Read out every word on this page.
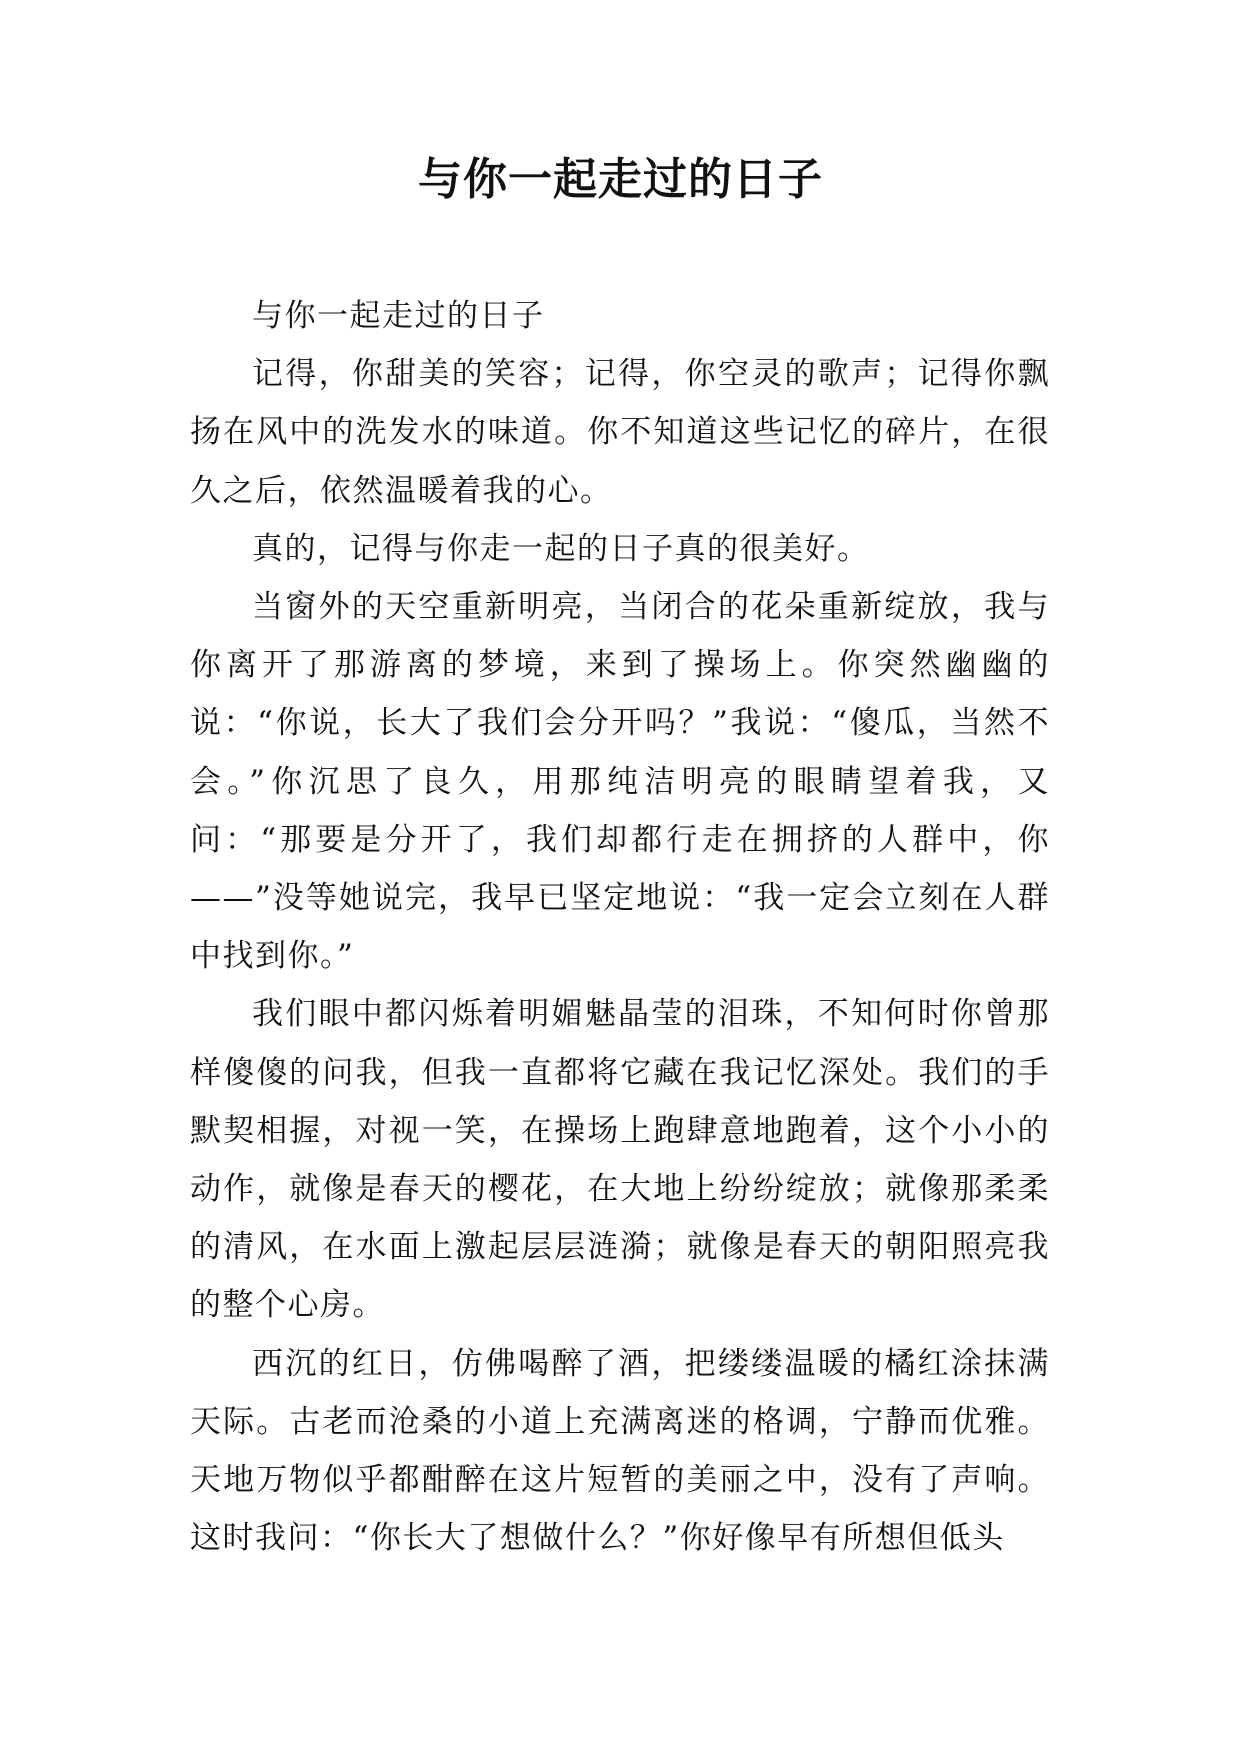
与你一起走过的日子

与你一起走过的日子

记得，你甜美的笑容；记得，你空灵的歌声；记得你飘扬在风中的洗发水的味道。你不知道这些记忆的碎片，在很久之后，依然温暖着我的心。

真的，记得与你走一起的日子真的很美好。

当窗外的天空重新明亮，当闭合的花朵重新绽放，我与你离开了那游离的梦境，来到了操场上。你突然幽幽的说：“你说，长大了我们会分开吗？”我说：“傻瓜，当然不会。”你沉思了良久，用那纯洁明亮的眼睛望着我，又问：“那要是分开了，我们却都行走在拥挤的人群中，你——”没等她说完，我早已坚定地说：“我一定会立刻在人群中找到你。”

我们眼中都闪烁着明媚魅晶莹的泪珠，不知何时你曾那样傻傻的问我，但我一直都将它藏在我记忆深处。我们的手默契相握，对视一笑，在操场上跑肆意地跑着，这个小小的动作，就像是春天的樱花，在大地上纷纷绽放；就像那柔柔的清风，在水面上激起层层涟漪；就像是春天的朝阳照亮我的整个心房。

西沉的红日，仿佛喝醉了酒，把缕缕温暖的橘红涂抹满天际。古老而沧桑的小道上充满离迷的格调，宁静而优雅。天地万物似乎都酣醉在这片短暂的美丽之中，没有了声响。这时我问：“你长大了想做什么？”你好像早有所想但低头
